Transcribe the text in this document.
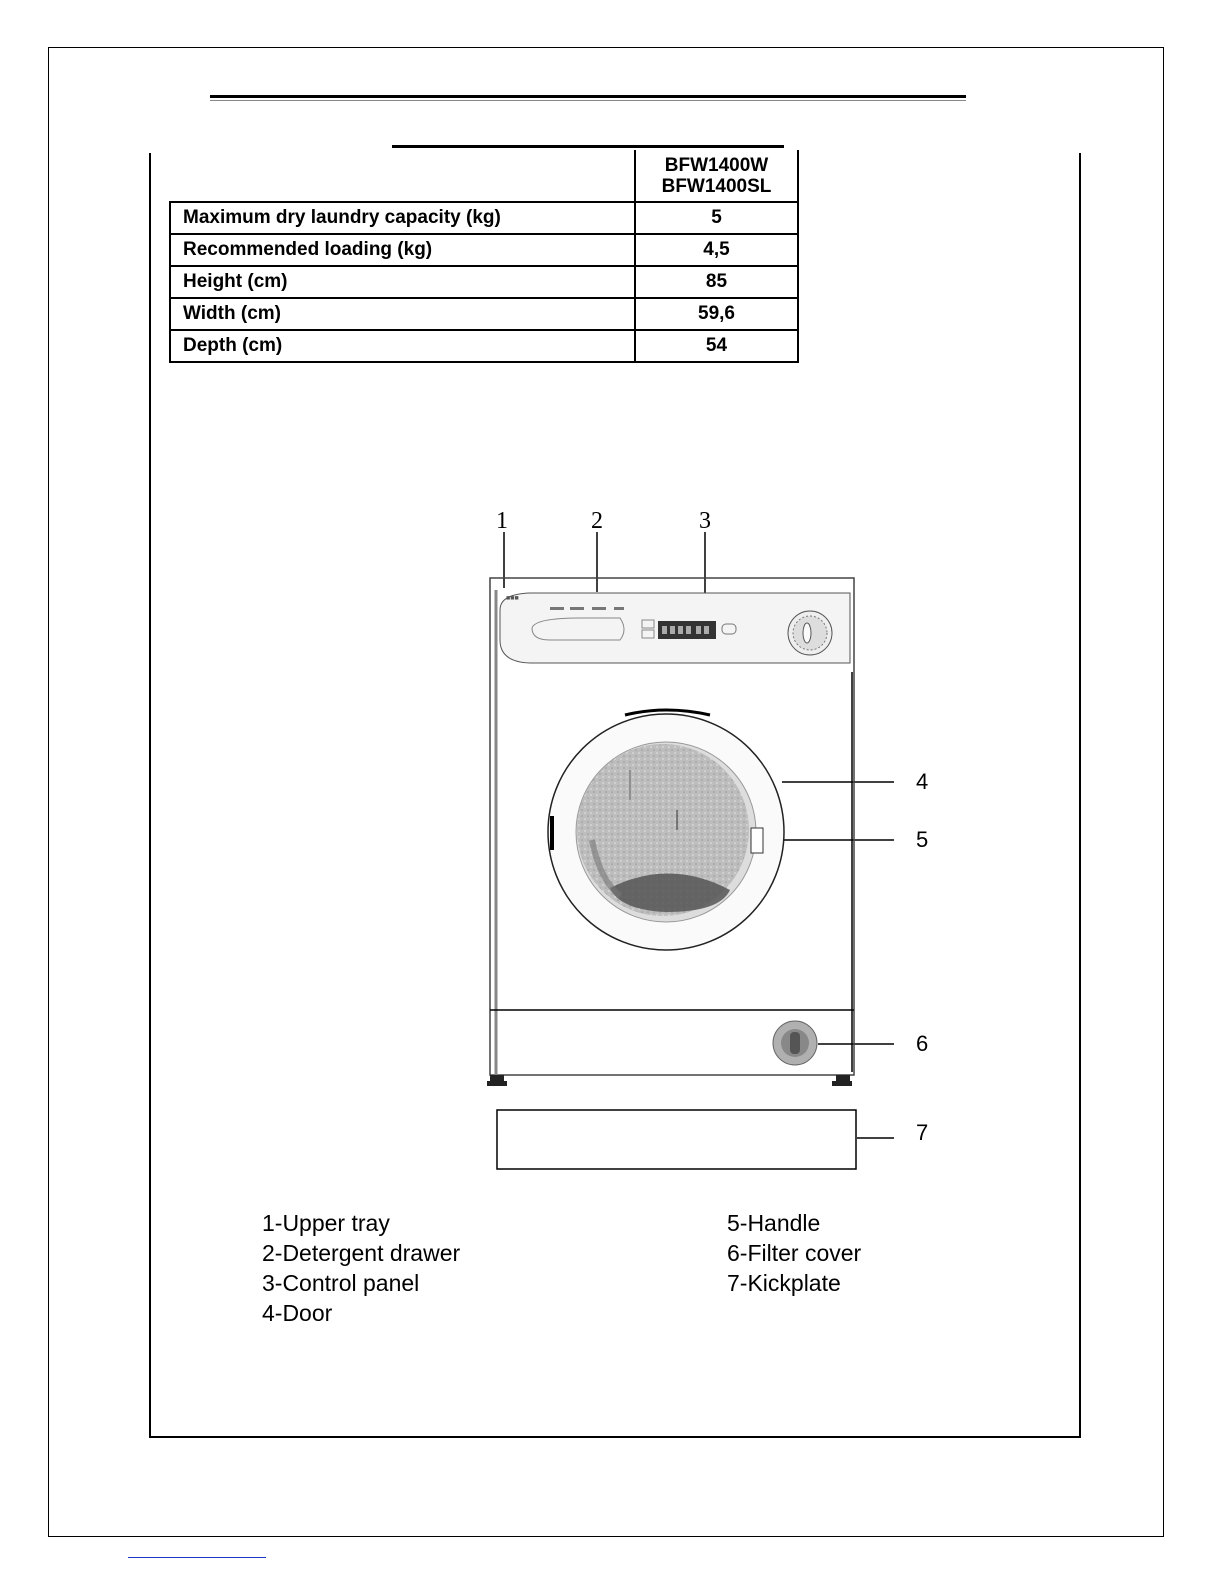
	BFW1400W
BFW1400SL

Maximum dry laundry capacity (kg)	5
Recommended loading (kg)	4,5
Height (cm)	85
Width (cm)	59,6
Depth (cm)	54
1	2	3
4
5
6
7
■■■
1-Upper tray
2-Detergent drawer
3-Control panel
4-Door
5-Handle
6-Filter cover
7-Kickplate
